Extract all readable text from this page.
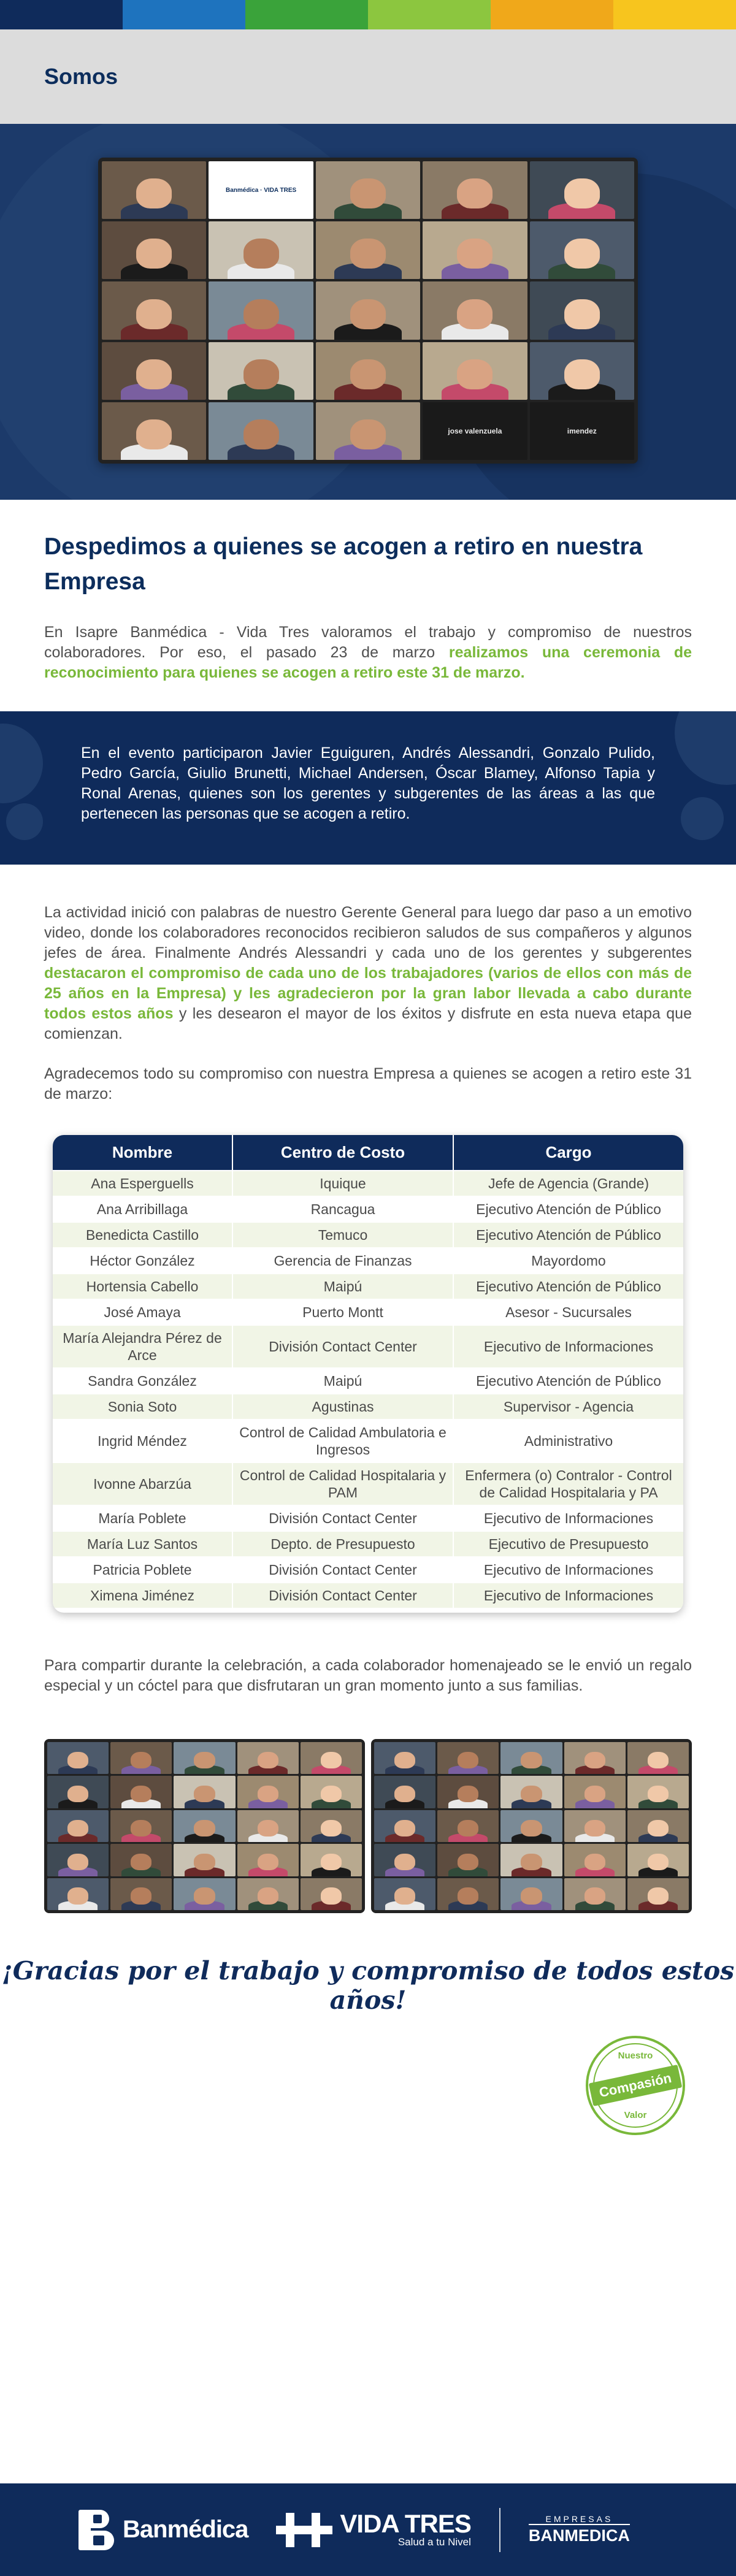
Somos
Banmédica · VIDA TRES
jose valenzuela	imendez
Despedimos a quienes se acogen a retiro en nuestra Empresa

En Isapre Banmédica - Vida Tres valoramos el trabajo y compromiso de nuestros colaboradores. Por eso, el pasado 23 de marzo realizamos una ceremonia de reconocimiento para quienes se acogen a retiro este 31 de marzo.

En el evento participaron Javier Eguiguren, Andrés Alessandri, Gonzalo Pulido, Pedro García, Giulio Brunetti, Michael Andersen, Óscar Blamey, Alfonso Tapia y Ronal Arenas, quienes son los gerentes y subgerentes de las áreas a las que pertenecen las personas que se acogen a retiro.

La actividad inició con palabras de nuestro Gerente General para luego dar paso a un emotivo video, donde los colaboradores reconocidos recibieron saludos de sus compañeros y algunos jefes de área. Finalmente Andrés Alessandri y cada uno de los gerentes y subgerentes destacaron el compromiso de cada uno de los trabajadores (varios de ellos con más de 25 años en la Empresa) y les agradecieron por la gran labor llevada a cabo durante todos estos años y les desearon el mayor de los éxitos y disfrute en esta nueva etapa que comienzan.

Agradecemos todo su compromiso con nuestra Empresa a quienes se acogen a retiro este 31 de marzo:

Nombre	Centro de Costo	Cargo
Ana Esperguells	Iquique	Jefe de Agencia (Grande)
Ana Arribillaga	Rancagua	Ejecutivo Atención de Público
Benedicta Castillo	Temuco	Ejecutivo Atención de Público
Héctor González	Gerencia de Finanzas	Mayordomo
Hortensia Cabello	Maipú	Ejecutivo Atención de Público
José Amaya	Puerto Montt	Asesor - Sucursales
María Alejandra Pérez de Arce	División Contact Center	Ejecutivo de Informaciones
Sandra González	Maipú	Ejecutivo Atención de Público
Sonia Soto	Agustinas	Supervisor - Agencia
Ingrid Méndez	Control de Calidad Ambulatoria e Ingresos	Administrativo
Ivonne Abarzúa	Control de Calidad Hospitalaria y PAM	Enfermera (o) Contralor - Control de Calidad Hospitalaria y PA
María Poblete	División Contact Center	Ejecutivo de Informaciones
María Luz Santos	Depto. de Presupuesto	Ejecutivo de Presupuesto
Patricia Poblete	División Contact Center	Ejecutivo de Informaciones
Ximena Jiménez	División Contact Center	Ejecutivo de Informaciones

Para compartir durante la celebración, a cada colaborador homenajeado se le envió un regalo especial y un cóctel para que disfrutaran un gran momento junto a sus familias.

¡Gracias por el trabajo y compromiso de todos estos años!
Nuestro
Compasión
Valor
Banmédica	VIDA TRES
Salud a tu Nivel
EMPRESAS
BANMEDICA
